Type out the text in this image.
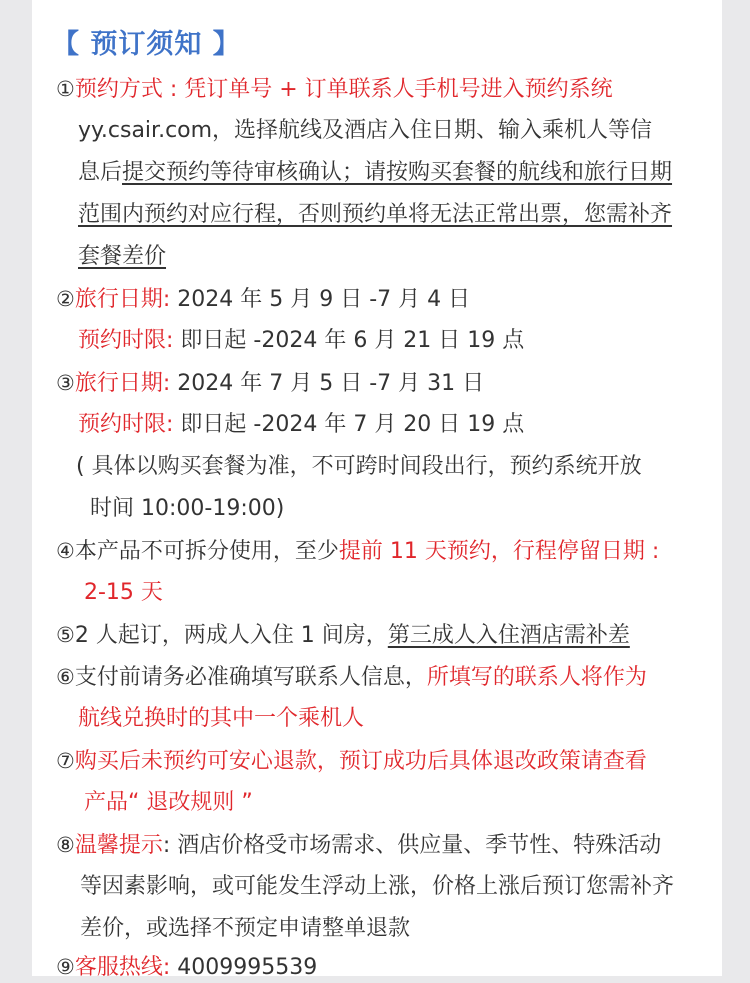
【 预订须知 】
①预约方式 : 凭订单号 + 订单联系人手机号进入预约系统
yy.csair.com，选择航线及酒店入住日期、输入乘机人等信
息后提交预约等待审核确认；请按购买套餐的航线和旅行日期
范围内预约对应行程，否则预约单将无法正常出票，您需补齐
套餐差价
②旅行日期: 2024 年 5 月 9 日 -7 月 4 日
预约时限: 即日起 -2024 年 6 月 21 日 19 点
③旅行日期: 2024 年 7 月 5 日 -7 月 31 日
预约时限: 即日起 -2024 年 7 月 20 日 19 点
( 具体以购买套餐为准，不可跨时间段出行，预约系统开放
时间 10:00-19:00)
④本产品不可拆分使用，至少提前 11 天预约，行程停留日期 :
2-15 天
⑤2 人起订，两成人入住 1 间房，第三成人入住酒店需补差
⑥支付前请务必准确填写联系人信息，所填写的联系人将作为
航线兑换时的其中一个乘机人
⑦购买后未预约可安心退款，预订成功后具体退改政策请查看
产品“ 退改规则 ”
⑧温馨提示: 酒店价格受市场需求、供应量、季节性、特殊活动
等因素影响，或可能发生浮动上涨，价格上涨后预订您需补齐
差价，或选择不预定申请整单退款
⑨客服热线: 4009995539
